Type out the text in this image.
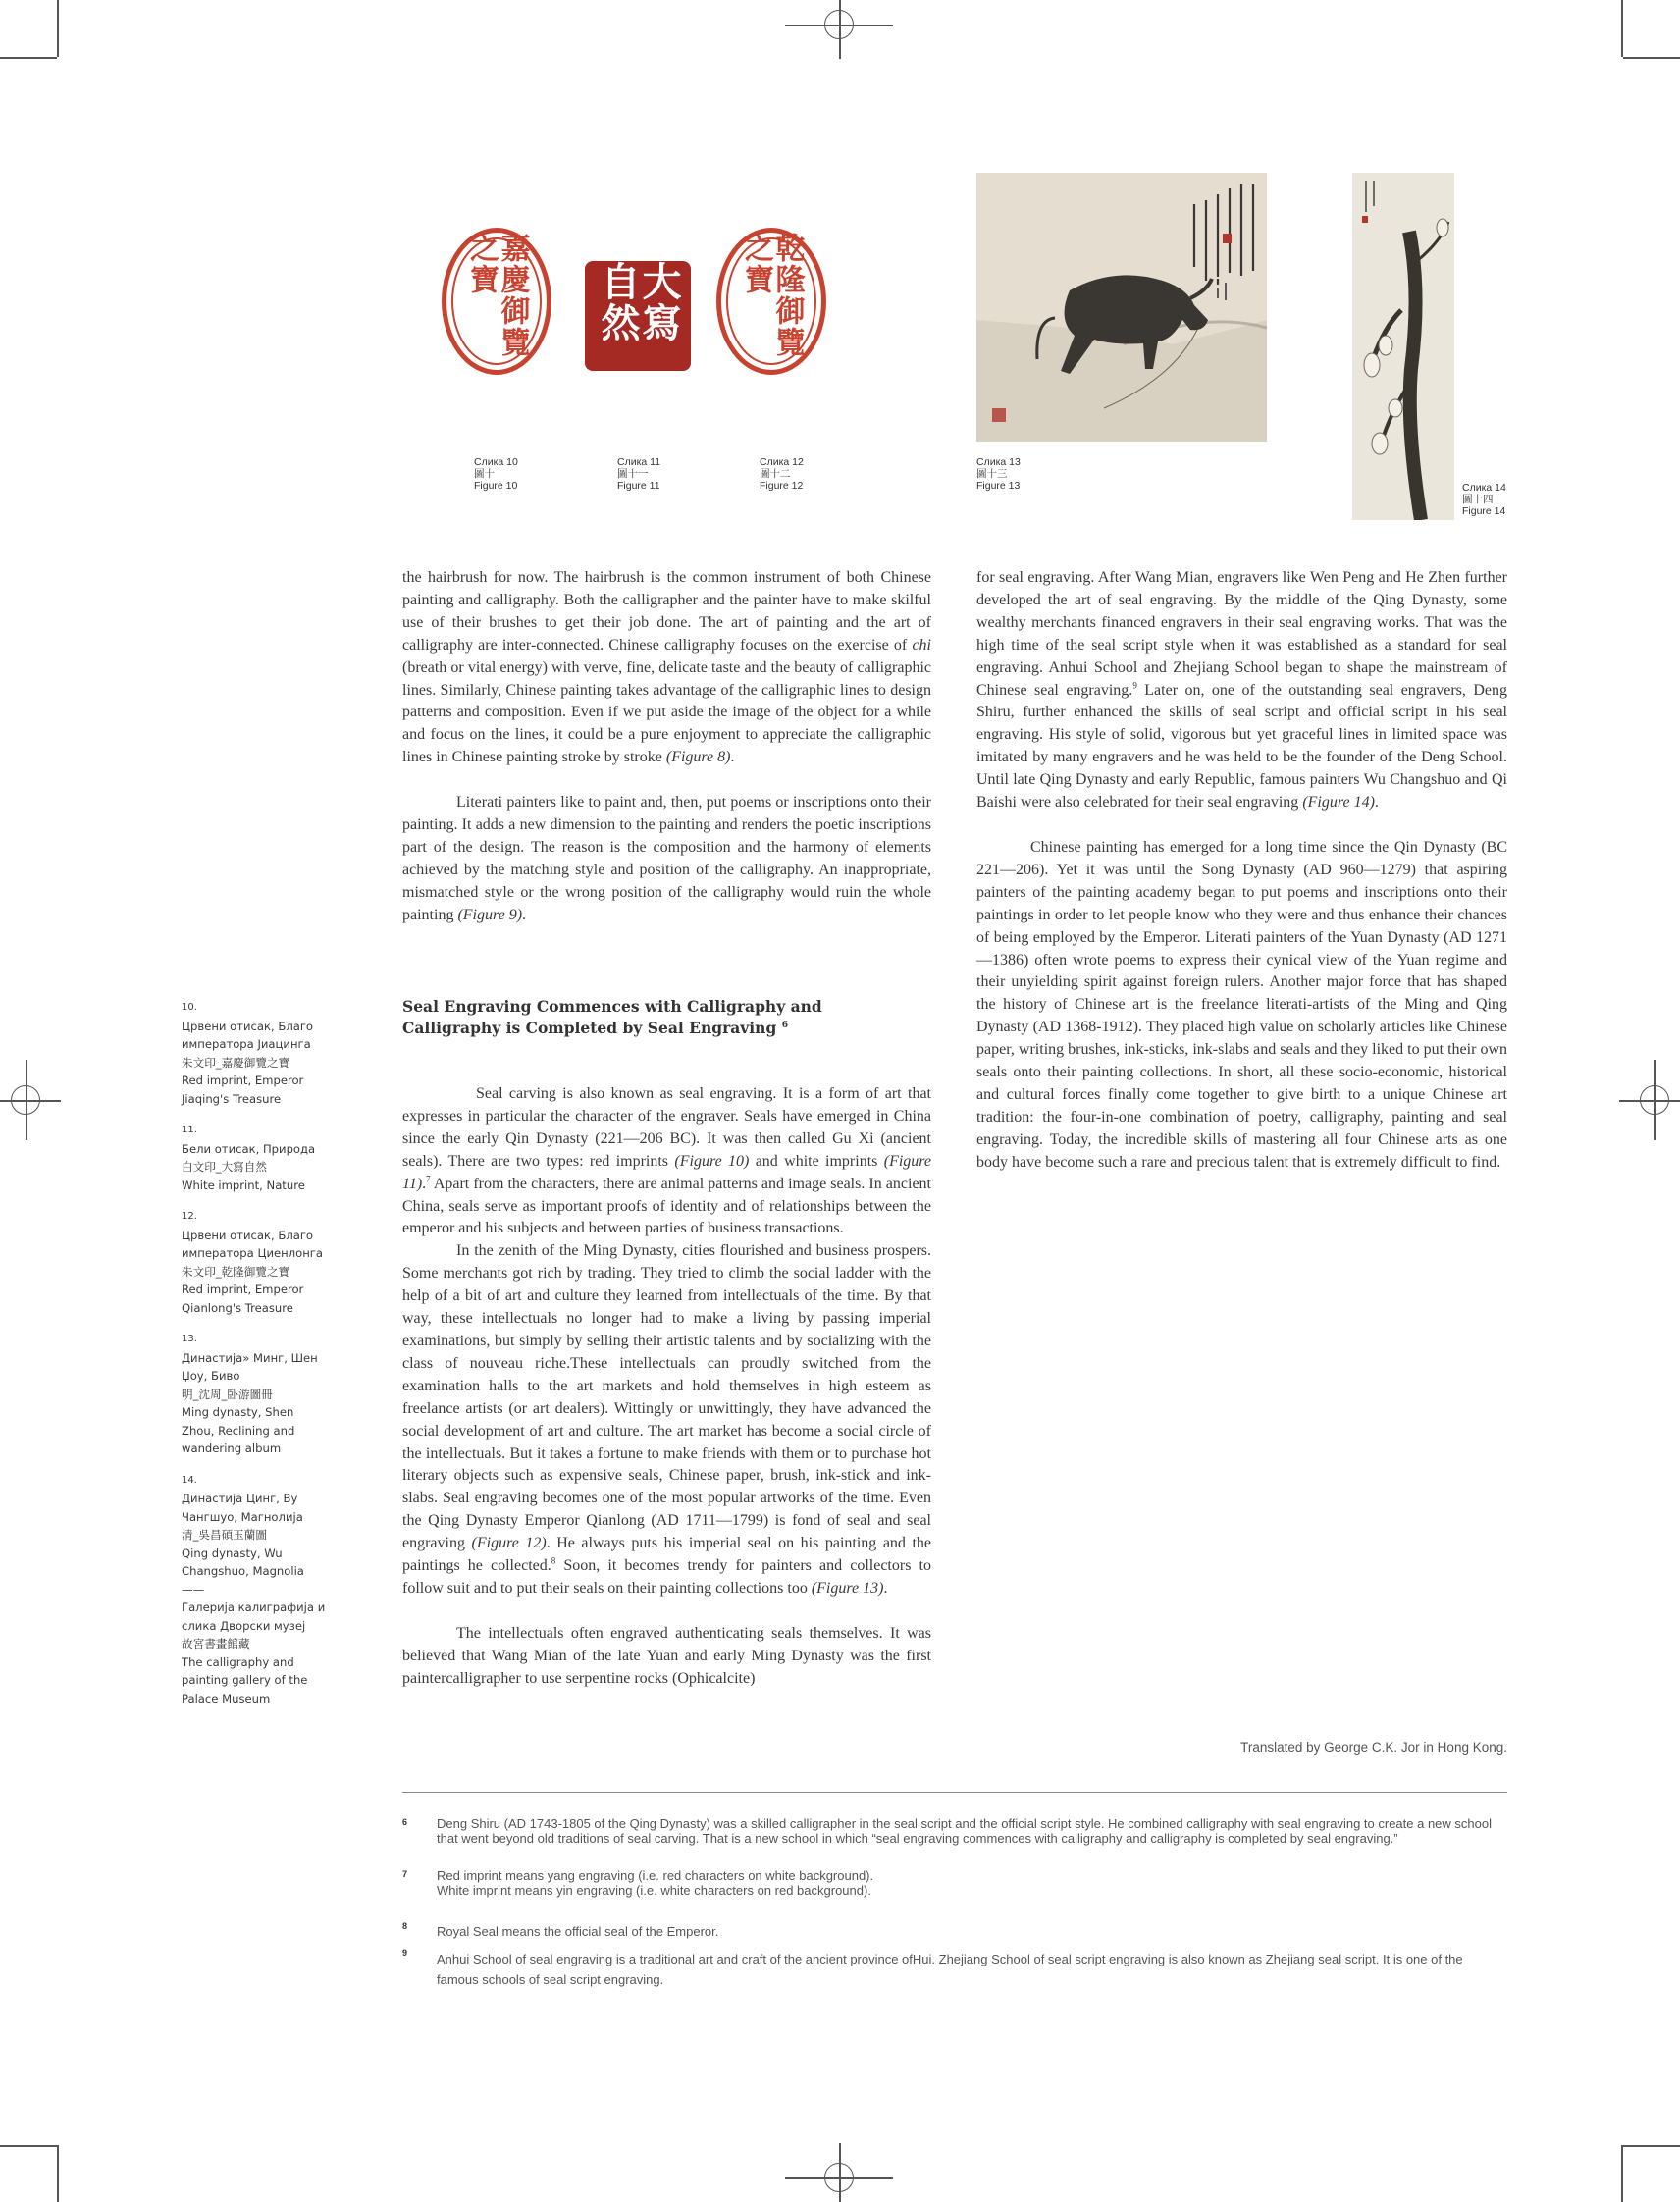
嘉慶御覽之寶	大寫自然	乾隆御覽之寶
Слика 10
圖十
Figure 10
Слика 11
圖十一
Figure 11
Слика 12
圖十二
Figure 12
Слика 13
圖十三
Figure 13	Слика 14
圖十四
Figure 14
10.
Црвени отисак, Благо
императора Јиацинга
朱文印_嘉慶御覽之寶
Red imprint, Emperor
Jiaqing's Treasure
11.
Бели отисак, Природа
白文印_大寫自然
White imprint, Nature
12.
Црвени отисак, Благо
императора Циенлонга
朱文印_乾隆御覽之寶
Red imprint, Emperor
Qianlong's Treasure
13.
Династија» Минг, Шен
Џоу, Биво
明_沈周_卧游圖冊
Ming dynasty, Shen
Zhou, Reclining and
wandering album
14.
Династија Цинг, Ву
Чангшуо, Магнолија
清_吳昌碩玉蘭圖
Qing dynasty, Wu
Changshuo, Magnolia
——
Галерија калиграфија и
слика Дворски музеј
故宮書畫館藏
The calligraphy and
painting gallery of the
Palace Museum

the hairbrush for now. The hairbrush is the common instrument of both Chinese painting and calligraphy. Both the calligrapher and the painter have to make skilful use of their brushes to get their job done. The art of painting and the art of calligraphy are inter-connected. Chinese calligraphy focuses on the exercise of chi (breath or vital energy) with verve, fine, delicate taste and the beauty of calligraphic lines. Similarly, Chinese painting takes advantage of the calligraphic lines to design patterns and composition. Even if we put aside the image of the object for a while and focus on the lines, it could be a pure enjoyment to appreciate the calligraphic lines in Chinese painting stroke by stroke (Figure 8).

Literati painters like to paint and, then, put poems or inscriptions onto their painting. It adds a new dimension to the painting and renders the poetic inscriptions part of the design. The reason is the composition and the harmony of elements achieved by the matching style and position of the calligraphy. An inappropriate, mismatched style or the wrong position of the calligraphy would ruin the whole painting (Figure 9).

Seal Engraving Commences with Calligraphy and Calligraphy is Completed by Seal Engraving $^6$

Seal carving is also known as seal engraving. It is a form of art that expresses in particular the character of the engraver. Seals have emerged in China since the early Qin Dynasty (221—206 BC). It was then called Gu Xi (ancient seals). There are two types: red imprints (Figure 10) and white imprints (Figure 11).$^7$ Apart from the characters, there are animal patterns and image seals. In ancient China, seals serve as important proofs of identity and of relationships between the emperor and his subjects and between parties of business transactions.

In the zenith of the Ming Dynasty, cities flourished and business prospers. Some merchants got rich by trading. They tried to climb the social ladder with the help of a bit of art and culture they learned from intellectuals of the time. By that way, these intellectuals no longer had to make a living by passing imperial examinations, but simply by selling their artistic talents and by socializing with the class of nouveau riche.These intellectuals can proudly switched from the examination halls to the art markets and hold themselves in high esteem as freelance artists (or art dealers). Wittingly or unwittingly, they have advanced the social development of art and culture. The art market has become a social circle of the intellectuals. But it takes a fortune to make friends with them or to purchase hot literary objects such as expensive seals, Chinese paper, brush, ink-stick and ink-slabs. Seal engraving becomes one of the most popular artworks of the time. Even the Qing Dynasty Emperor Qianlong (AD 1711—1799) is fond of seal and seal engraving (Figure 12). He always puts his imperial seal on his painting and the paintings he collected.$^8$ Soon, it becomes trendy for painters and collectors to follow suit and to put their seals on their painting collections too (Figure 13).

The intellectuals often engraved authenticating seals themselves. It was believed that Wang Mian of the late Yuan and early Ming Dynasty was the first paintercalligrapher to use serpentine rocks (Ophicalcite)

for seal engraving. After Wang Mian, engravers like Wen Peng and He Zhen further developed the art of seal engraving. By the middle of the Qing Dynasty, some wealthy merchants financed engravers in their seal engraving works. That was the high time of the seal script style when it was established as a standard for seal engraving. Anhui School and Zhejiang School began to shape the mainstream of Chinese seal engraving.$^9$ Later on, one of the outstanding seal engravers, Deng Shiru, further enhanced the skills of seal script and official script in his seal engraving. His style of solid, vigorous but yet graceful lines in limited space was imitated by many engravers and he was held to be the founder of the Deng School. Until late Qing Dynasty and early Republic, famous painters Wu Changshuo and Qi Baishi were also celebrated for their seal engraving (Figure 14).

Chinese painting has emerged for a long time since the Qin Dynasty (BC 221—206). Yet it was until the Song Dynasty (AD 960—1279) that aspiring painters of the painting academy began to put poems and inscriptions onto their paintings in order to let people know who they were and thus enhance their chances of being employed by the Emperor. Literati painters of the Yuan Dynasty (AD 1271—1386) often wrote poems to express their cynical view of the Yuan regime and their unyielding spirit against foreign rulers. Another major force that has shaped the history of Chinese art is the freelance literati-artists of the Ming and Qing Dynasty (AD 1368-1912). They placed high value on scholarly articles like Chinese paper, writing brushes, ink-sticks, ink-slabs and seals and they liked to put their own seals onto their painting collections. In short, all these socio-economic, historical and cultural forces finally come together to give birth to a unique Chinese art tradition: the four-in-one combination of poetry, calligraphy, painting and seal engraving. Today, the incredible skills of mastering all four Chinese arts as one body have become such a rare and precious talent that is extremely difficult to find.

Translated by George C.K. Jor in Hong Kong.
6 Deng Shiru (AD 1743-1805 of the Qing Dynasty) was a skilled calligrapher in the seal script and the official script style. He combined calligraphy with seal engraving to create a new school that went beyond old traditions of seal carving. That is a new school in which “seal engraving commences with calligraphy and calligraphy is completed by seal engraving.”
7 Red imprint means yang engraving (i.e. red characters on white background).
White imprint means yin engraving (i.e. white characters on red background).
8 Royal Seal means the official seal of the Emperor.
9 Anhui School of seal engraving is a traditional art and craft of the ancient province ofHui. Zhejiang School of seal script engraving is also known as Zhejiang seal script. It is one of the famous schools of seal script engraving.
